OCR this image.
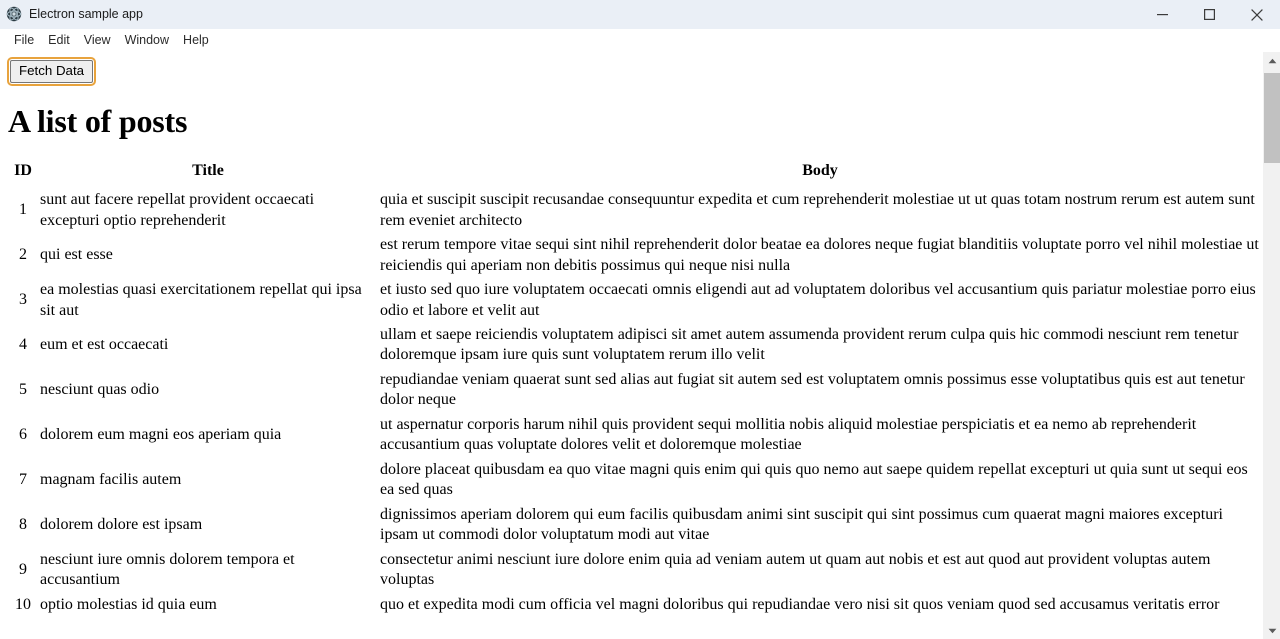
Electron sample app
File	Edit	View	Window	Help
Fetch Data
A list of posts
ID	Title	Body
1	sunt aut facere repellat provident occaecati excepturi optio reprehenderit	quia et suscipit suscipit recusandae consequuntur expedita et cum reprehenderit molestiae ut ut quas totam nostrum rerum est autem sunt rem eveniet architecto
2	qui est esse	est rerum tempore vitae sequi sint nihil reprehenderit dolor beatae ea dolores neque fugiat blanditiis voluptate porro vel nihil molestiae ut reiciendis qui aperiam non debitis possimus qui neque nisi nulla
3	ea molestias quasi exercitationem repellat qui ipsa sit aut	et iusto sed quo iure voluptatem occaecati omnis eligendi aut ad voluptatem doloribus vel accusantium quis pariatur molestiae porro eius odio et labore et velit aut
4	eum et est occaecati	ullam et saepe reiciendis voluptatem adipisci sit amet autem assumenda provident rerum culpa quis hic commodi nesciunt rem tenetur doloremque ipsam iure quis sunt voluptatem rerum illo velit
5	nesciunt quas odio	repudiandae veniam quaerat sunt sed alias aut fugiat sit autem sed est voluptatem omnis possimus esse voluptatibus quis est aut tenetur dolor neque
6	dolorem eum magni eos aperiam quia	ut aspernatur corporis harum nihil quis provident sequi mollitia nobis aliquid molestiae perspiciatis et ea nemo ab reprehenderit accusantium quas voluptate dolores velit et doloremque molestiae
7	magnam facilis autem	dolore placeat quibusdam ea quo vitae magni quis enim qui quis quo nemo aut saepe quidem repellat excepturi ut quia sunt ut sequi eos ea sed quas
8	dolorem dolore est ipsam	dignissimos aperiam dolorem qui eum facilis quibusdam animi sint suscipit qui sint possimus cum quaerat magni maiores excepturi ipsam ut commodi dolor voluptatum modi aut vitae
9	nesciunt iure omnis dolorem tempora et accusantium	consectetur animi nesciunt iure dolore enim quia ad veniam autem ut quam aut nobis et est aut quod aut provident voluptas autem voluptas
10	optio molestias id quia eum	quo et expedita modi cum officia vel magni doloribus qui repudiandae vero nisi sit quos veniam quod sed accusamus veritatis error
